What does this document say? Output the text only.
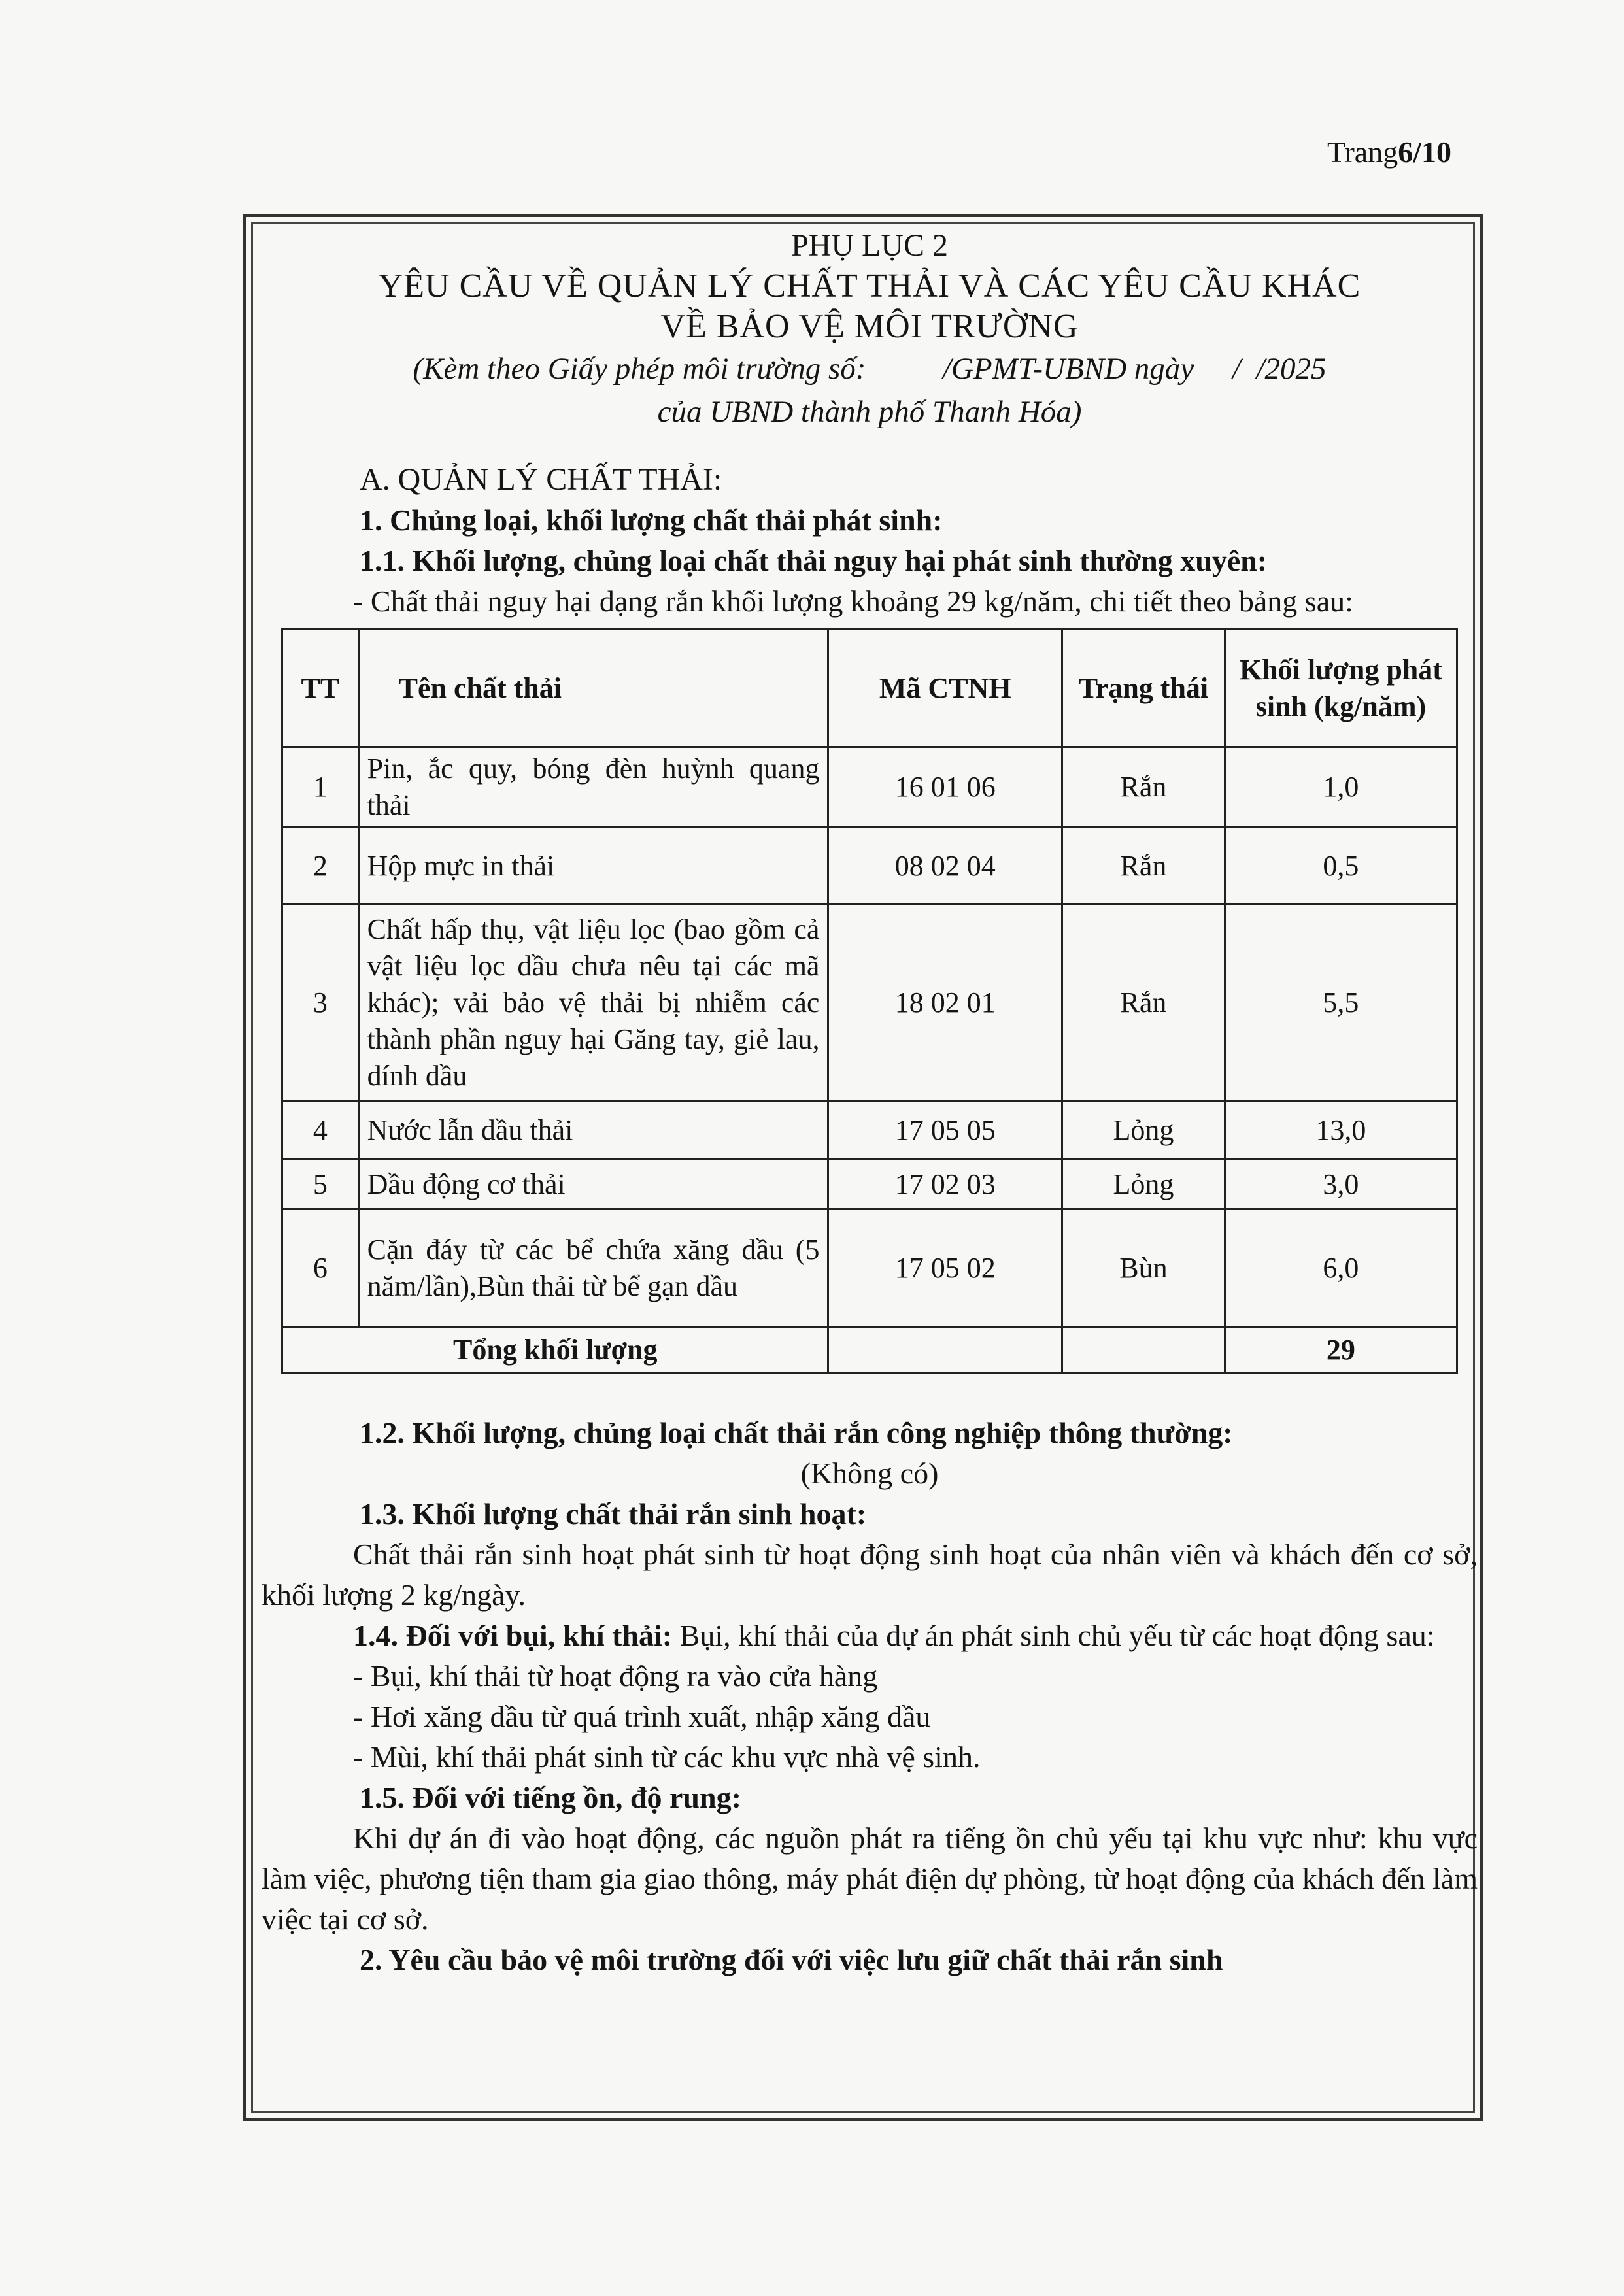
Trang6/10
PHỤ LỤC 2
YÊU CẦU VỀ QUẢN LÝ CHẤT THẢI VÀ CÁC YÊU CẦU KHÁC
VỀ BẢO VỆ MÔI TRƯỜNG
(Kèm theo Giấy phép môi trường số:          /GPMT-UBND ngày     /  /2025
của UBND thành phố Thanh Hóa)
A. QUẢN LÝ CHẤT THẢI:
1. Chủng loại, khối lượng chất thải phát sinh:
1.1. Khối lượng, chủng loại chất thải nguy hại phát sinh thường xuyên:
- Chất thải nguy hại dạng rắn khối lượng khoảng 29 kg/năm, chi tiết theo bảng sau:
TT	Tên chất thải	Mã CTNH	Trạng thái	Khối lượng phát sinh (kg/năm)
1	Pin, ắc quy, bóng đèn huỳnh quang thải	16 01 06	Rắn	1,0
2	Hộp mực in thải	08 02 04	Rắn	0,5
3	Chất hấp thụ, vật liệu lọc (bao gồm cả vật liệu lọc dầu chưa nêu tại các mã khác); vải bảo vệ thải bị nhiễm các thành phần nguy hại Găng tay, giẻ lau, dính dầu	18 02 01	Rắn	5,5
4	Nước lẫn dầu thải	17 05 05	Lỏng	13,0
5	Dầu động cơ thải	17 02 03	Lỏng	3,0
6	Cặn đáy từ các bể chứa xăng dầu (5 năm/lần),Bùn thải từ bể gạn dầu	17 05 02	Bùn	6,0
Tổng khối lượng				29
1.2. Khối lượng, chủng loại chất thải rắn công nghiệp thông thường:
(Không có)
1.3. Khối lượng chất thải rắn sinh hoạt:
Chất thải rắn sinh hoạt phát sinh từ hoạt động sinh hoạt của nhân viên và khách đến cơ sở, khối lượng 2 kg/ngày.
1.4. Đối với bụi, khí thải: Bụi, khí thải của dự án phát sinh chủ yếu từ các hoạt động sau:
- Bụi, khí thải từ hoạt động ra vào cửa hàng
- Hơi xăng dầu từ quá trình xuất, nhập xăng dầu
- Mùi, khí thải phát sinh từ các khu vực nhà vệ sinh.
1.5. Đối với tiếng ồn, độ rung:
Khi dự án đi vào hoạt động, các nguồn phát ra tiếng ồn chủ yếu tại khu vực như: khu vực làm việc, phương tiện tham gia giao thông, máy phát điện dự phòng, từ hoạt động của khách đến làm việc tại cơ sở.
2. Yêu cầu bảo vệ môi trường đối với việc lưu giữ chất thải rắn sinh
